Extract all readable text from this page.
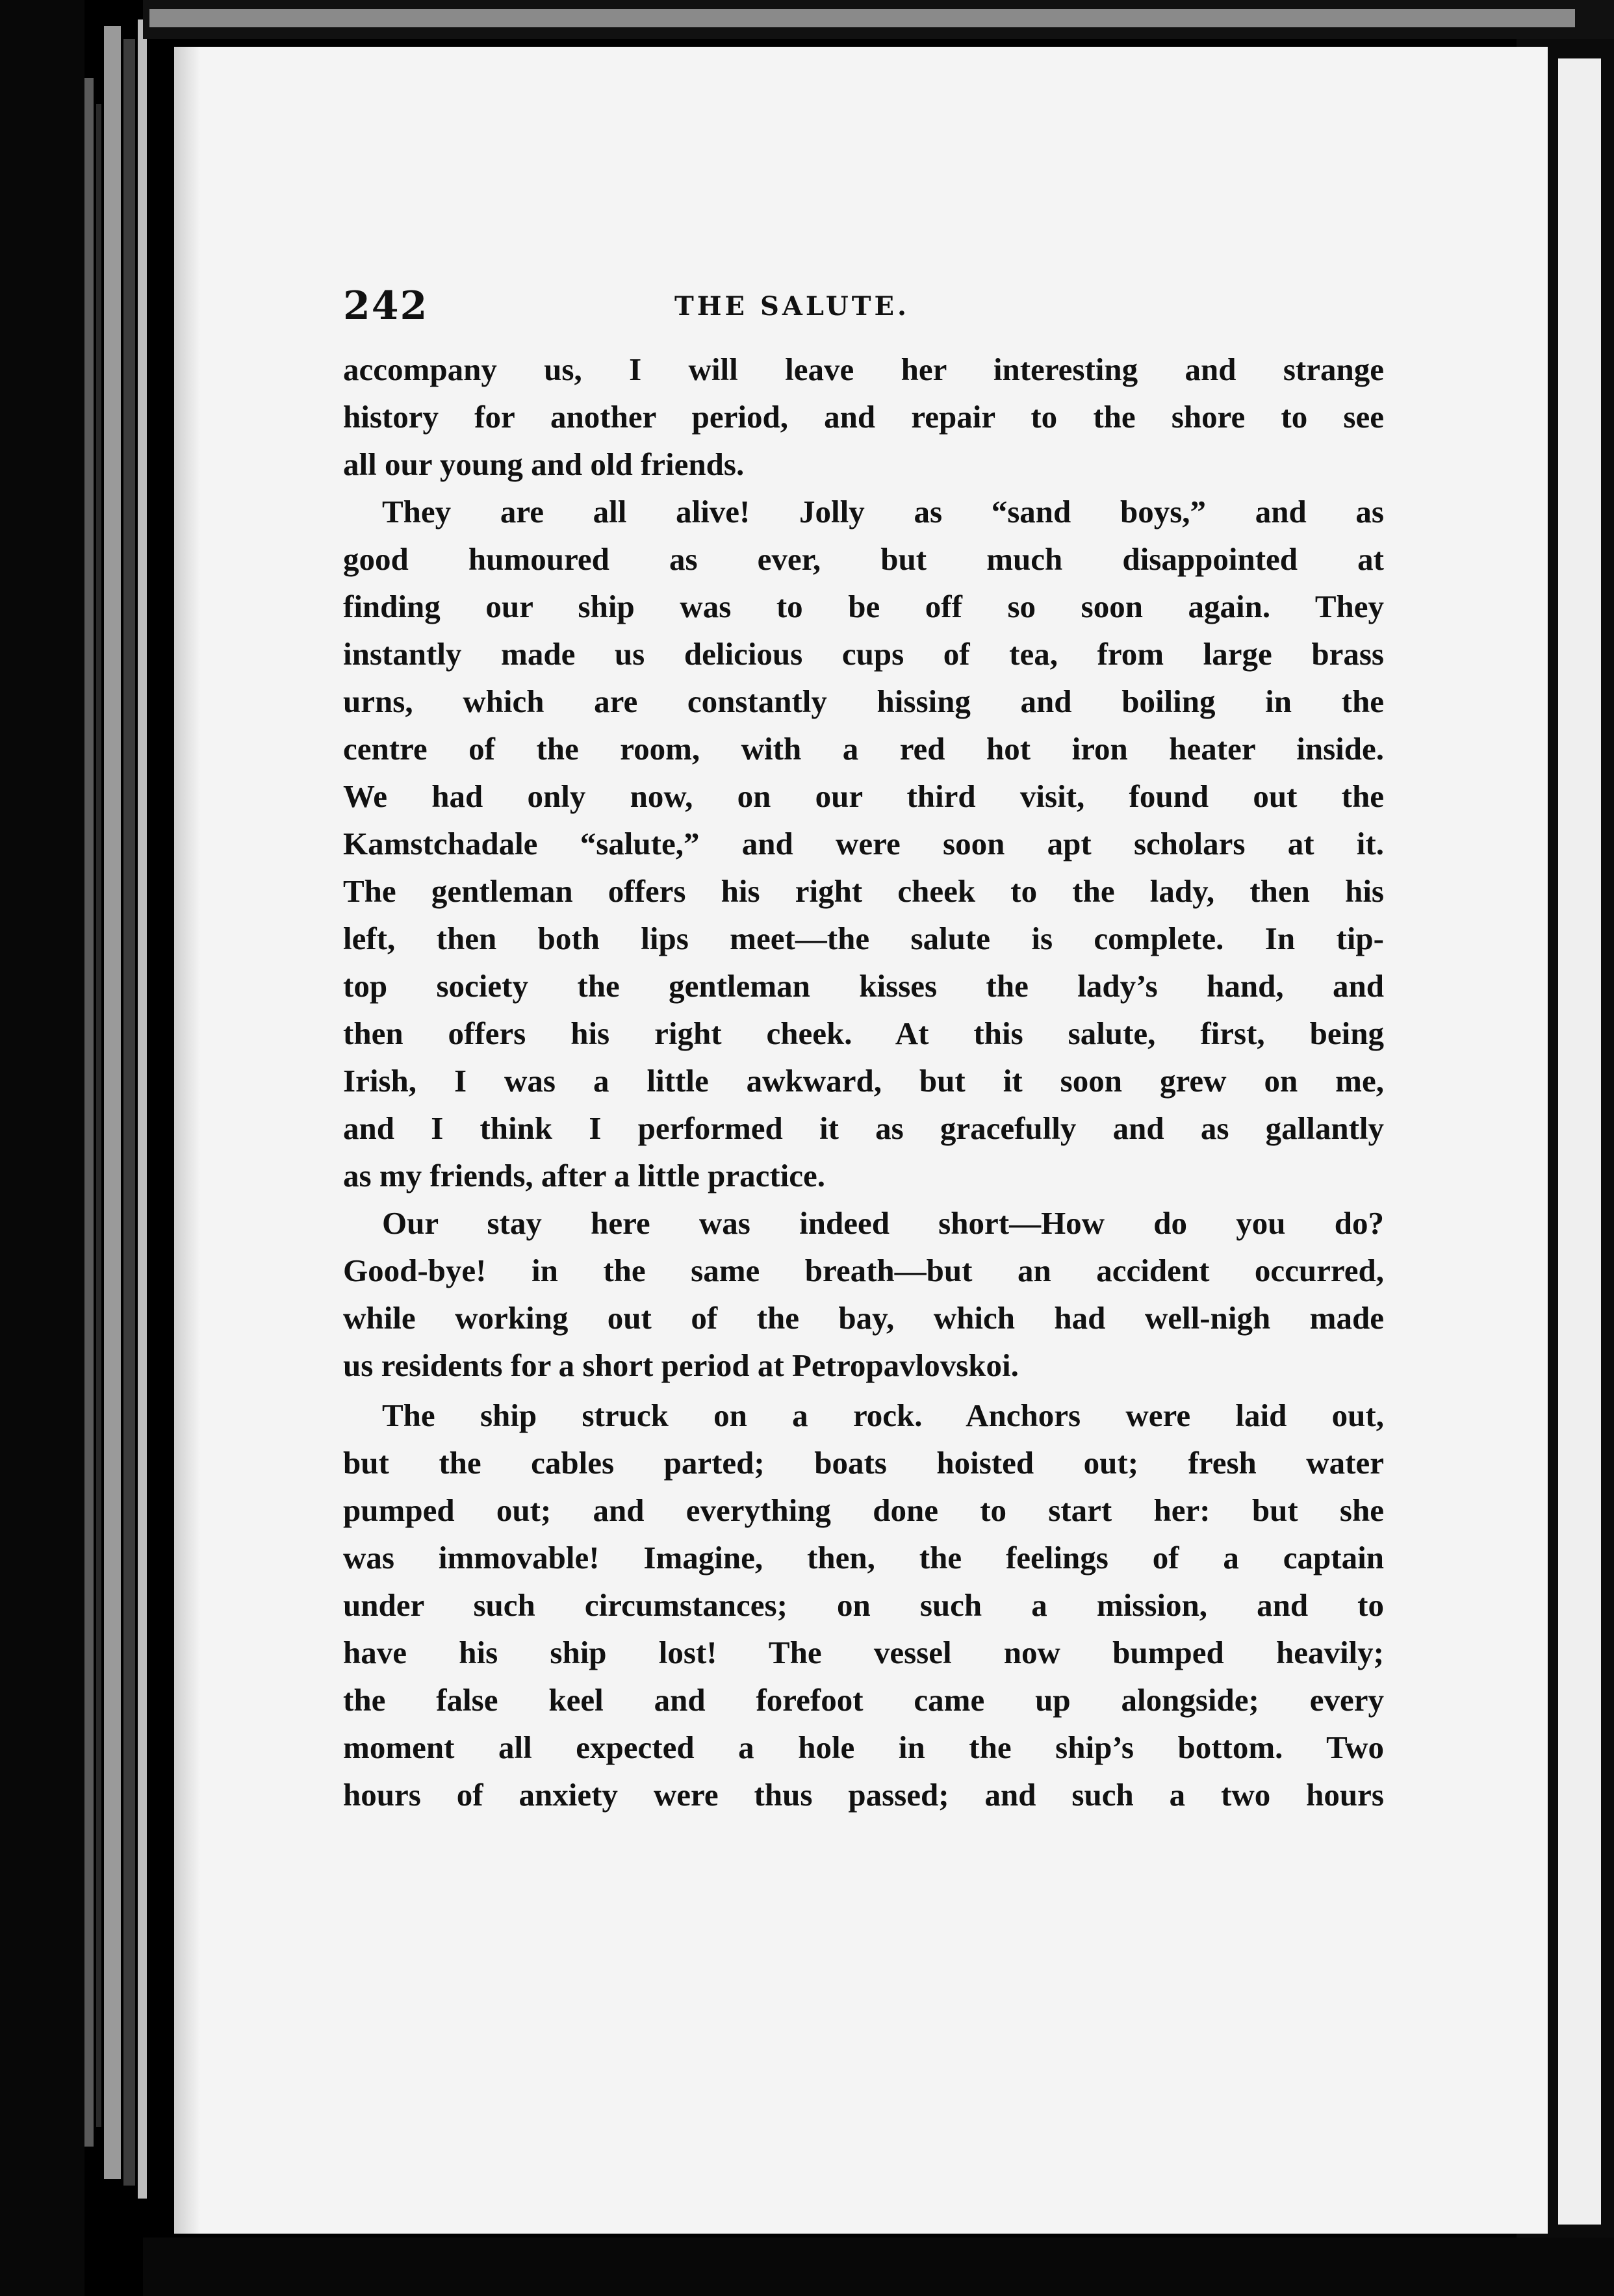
242	THE SALUTE.
accompany us, I will leave her interesting and strange
history for another period, and repair to the shore to see
all our young and old friends.
They are all alive! Jolly as “sand boys,” and as
good humoured as ever, but much disappointed at
finding our ship was to be off so soon again. They
instantly made us delicious cups of tea, from large brass
urns, which are constantly hissing and boiling in the
centre of the room, with a red hot iron heater inside.
We had only now, on our third visit, found out the
Kamstchadale “salute,” and were soon apt scholars at it.
The gentleman offers his right cheek to the lady, then his
left, then both lips meet—the salute is complete. In tip-
top society the gentleman kisses the lady’s hand, and
then offers his right cheek. At this salute, first, being
Irish, I was a little awkward, but it soon grew on me,
and I think I performed it as gracefully and as gallantly
as my friends, after a little practice.
Our stay here was indeed short—How do you do?
Good-bye! in the same breath—but an accident occurred,
while working out of the bay, which had well-nigh made
us residents for a short period at Petropavlovskoi.
The ship struck on a rock. Anchors were laid out,
but the cables parted; boats hoisted out; fresh water
pumped out; and everything done to start her: but she
was immovable! Imagine, then, the feelings of a captain
under such circumstances; on such a mission, and to
have his ship lost! The vessel now bumped heavily;
the false keel and forefoot came up alongside; every
moment all expected a hole in the ship’s bottom. Two
hours of anxiety were thus passed; and such a two hours
